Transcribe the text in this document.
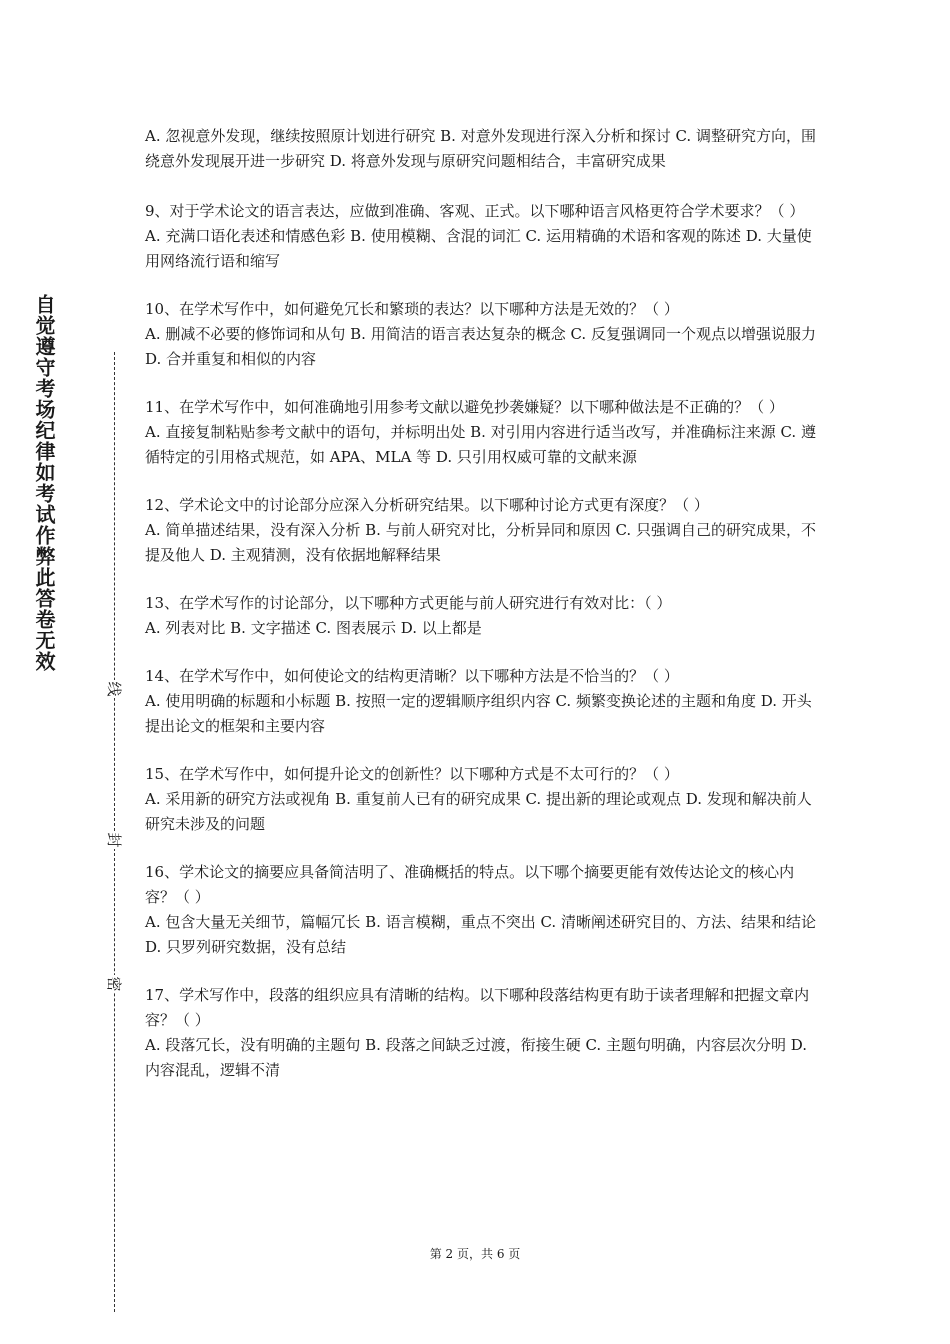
自觉遵守考场纪律如考试作弊此答卷无效
线
封
密
A. 忽视意外发现，继续按照原计划进行研究 B. 对意外发现进行深入分析和探讨 C. 调整研究方向，围绕意外发现展开进一步研究 D. 将意外发现与原研究问题相结合，丰富研究成果
9、对于学术论文的语言表达，应做到准确、客观、正式。以下哪种语言风格更符合学术要求？（ ）
A. 充满口语化表述和情感色彩 B. 使用模糊、含混的词汇 C. 运用精确的术语和客观的陈述 D. 大量使用网络流行语和缩写
10、在学术写作中，如何避免冗长和繁琐的表达？以下哪种方法是无效的？（ ）
A. 删减不必要的修饰词和从句 B. 用简洁的语言表达复杂的概念 C. 反复强调同一个观点以增强说服力 D. 合并重复和相似的内容
11、在学术写作中，如何准确地引用参考文献以避免抄袭嫌疑？以下哪种做法是不正确的？（ ）
A. 直接复制粘贴参考文献中的语句，并标明出处 B. 对引用内容进行适当改写，并准确标注来源 C. 遵循特定的引用格式规范，如 APA、MLA 等 D. 只引用权威可靠的文献来源
12、学术论文中的讨论部分应深入分析研究结果。以下哪种讨论方式更有深度？（ ）
A. 简单描述结果，没有深入分析 B. 与前人研究对比，分析异同和原因 C. 只强调自己的研究成果，不提及他人 D. 主观猜测，没有依据地解释结果
13、在学术写作的讨论部分，以下哪种方式更能与前人研究进行有效对比：（ ）
A. 列表对比 B. 文字描述 C. 图表展示 D. 以上都是
14、在学术写作中，如何使论文的结构更清晰？以下哪种方法是不恰当的？（ ）
A. 使用明确的标题和小标题 B. 按照一定的逻辑顺序组织内容 C. 频繁变换论述的主题和角度 D. 开头提出论文的框架和主要内容
15、在学术写作中，如何提升论文的创新性？以下哪种方式是不太可行的？（ ）
A. 采用新的研究方法或视角 B. 重复前人已有的研究成果 C. 提出新的理论或观点 D. 发现和解决前人研究未涉及的问题
16、学术论文的摘要应具备简洁明了、准确概括的特点。以下哪个摘要更能有效传达论文的核心内容？（ ）
A. 包含大量无关细节，篇幅冗长 B. 语言模糊，重点不突出 C. 清晰阐述研究目的、方法、结果和结论 D. 只罗列研究数据，没有总结
17、学术写作中，段落的组织应具有清晰的结构。以下哪种段落结构更有助于读者理解和把握文章内容？（ ）
A. 段落冗长，没有明确的主题句 B. 段落之间缺乏过渡，衔接生硬 C. 主题句明确，内容层次分明 D. 内容混乱，逻辑不清
第 2 页，共 6 页
